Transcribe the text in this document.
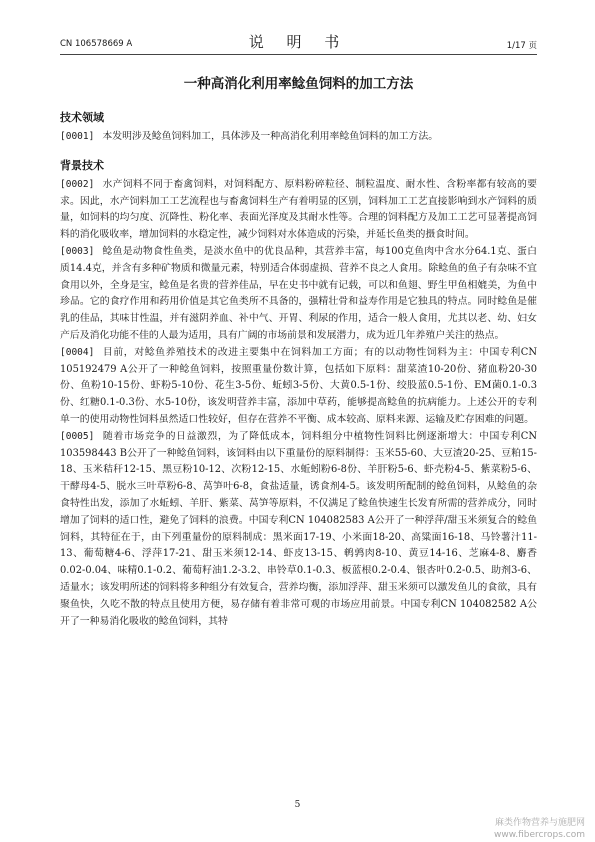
CN 106578669 A	说 明 书	1/17 页
一种高消化利用率鲶鱼饲料的加工方法
技术领域

[0001] 本发明涉及鲶鱼饲料加工，具体涉及一种高消化利用率鲶鱼饲料的加工方法。

背景技术

[0002] 水产饲料不同于畜禽饲料，对饲料配方、原料粉碎粒径、制粒温度、耐水性、含粉率都有较高的要求。因此，水产饲料加工工艺流程也与畜禽饲料生产有着明显的区别，饲料加工工艺直接影响到水产饲料的质量，如饲料的均匀度、沉降性、粉化率、表面光泽度及其耐水性等。合理的饲料配方及加工工艺可显著提高饲料的消化吸收率，增加饲料的水稳定性，减少饲料对水体造成的污染，并延长鱼类的摄食时间。

[0003] 鲶鱼是动物食性鱼类，是淡水鱼中的优良品种，其营养丰富，每100克鱼肉中含水分64.1克、蛋白质14.4克，并含有多种矿物质和微量元素，特别适合体弱虚损、营养不良之人食用。除鲶鱼的鱼子有杂味不宜食用以外，全身是宝，鲶鱼是名贵的营养佳品，早在史书中就有记载，可以和鱼翅、野生甲鱼相媲美，为鱼中珍品。它的食疗作用和药用价值是其它鱼类所不具备的，强精壮骨和益寿作用是它独具的特点。同时鲶鱼是催乳的佳品，其味甘性温，并有滋阴养血、补中气、开胃、利尿的作用，适合一般人食用，尤其以老、幼、妇女产后及消化功能不佳的人最为适用，具有广阔的市场前景和发展潜力，成为近几年养殖户关注的热点。

[0004] 目前，对鲶鱼养殖技术的改进主要集中在饲料加工方面；有的以动物性饲料为主：中国专利CN 105192479 A公开了一种鲶鱼饲料，按照重量份数计算，包括如下原料：甜菜渣10-20份、猪血粉20-30份、鱼粉10-15份、虾粉5-10份、花生3-5份、蚯蚓3-5份、大黄0.5-1份、绞股蓝0.5-1份、EM菌0.1-0.3份、红糖0.1-0.3份、水5-10份，该发明营养丰富，添加中草药，能够提高鲶鱼的抗病能力。上述公开的专利单一的使用动物性饲料虽然适口性较好，但存在营养不平衡、成本较高、原料来源、运输及贮存困难的问题。

[0005] 随着市场竞争的日益激烈，为了降低成本，饲料组分中植物性饲料比例逐渐增大：中国专利CN 103598443 B公开了一种鲶鱼饲料，该饲料由以下重量份的原料制得：玉米55-60、大豆渣20-25、豆粕15-18、玉米秸秆12-15、黑豆粉10-12、次粉12-15、水蚯蚓粉6-8份、羊肝粉5-6、虾壳粉4-5、紫菜粉5-6、干酵母4-5、脱水三叶草粉6-8、莴笋叶6-8，食盐适量，诱食剂4-5。该发明所配制的鲶鱼饲料，从鲶鱼的杂食特性出发，添加了水蚯蚓、羊肝、紫菜、莴笋等原料，不仅满足了鲶鱼快速生长发育所需的营养成分，同时增加了饲料的适口性，避免了饲料的浪费。中国专利CN 104082583 A公开了一种浮萍/甜玉米须复合的鲶鱼饲料，其特征在于，由下列重量份的原料制成：黑米面17-19、小米面18-20、高粱面16-18、马铃薯汁11-13、葡萄糖4-6、浮萍17-21、甜玉米须12-14、虾皮13-15、鹌鹑肉8-10、黄豆14-16、芝麻4-8、麝香0.02-0.04、味精0.1-0.2、葡萄籽油1.2-3.2、串铃草0.1-0.3、板蓝根0.2-0.4、银杏叶0.2-0.5、助剂3-6、适量水；该发明所述的饲料将多种组分有效复合，营养均衡，添加浮萍、甜玉米须可以激发鱼儿的食欲，具有聚鱼快，久吃不散的特点且使用方便，易存储有着非常可观的市场应用前景。中国专利CN 104082582 A公开了一种易消化吸收的鲶鱼饲料，其特

5
麻类作物营养与施肥网
www.fibercrops.com
